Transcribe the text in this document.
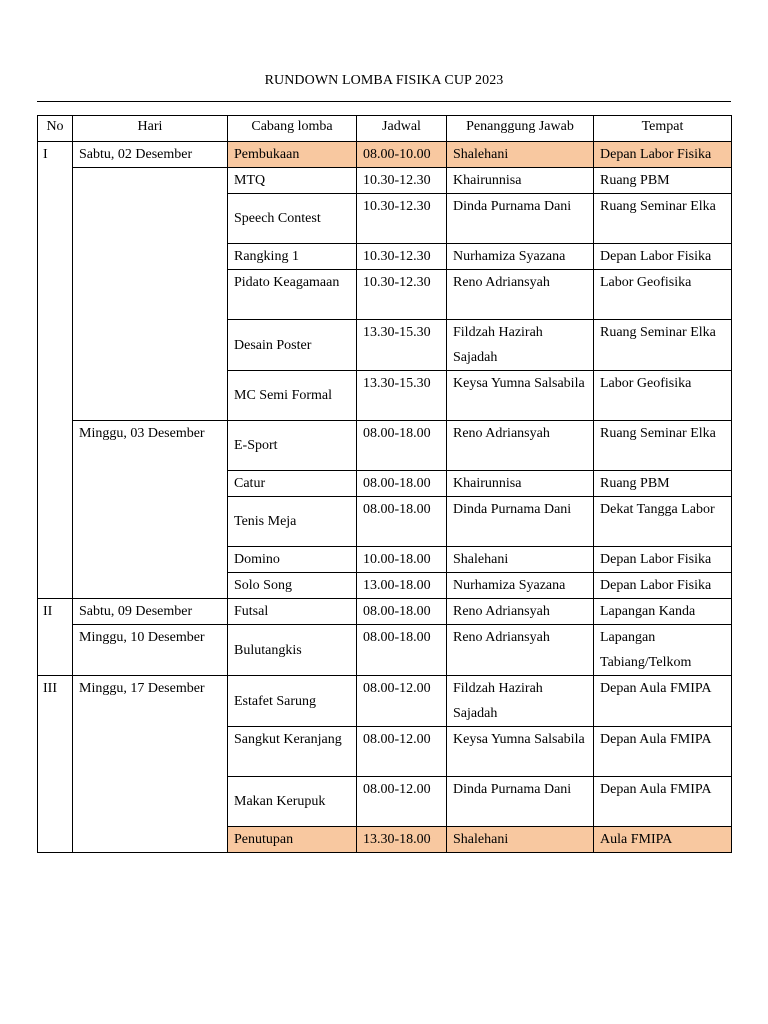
RUNDOWN LOMBA FISIKA CUP 2023
No	Hari	Cabang lomba	Jadwal	Penanggung Jawab	Tempat
I	Sabtu, 02 Desember	Pembukaan	08.00-10.00	Shalehani	Depan Labor Fisika
		MTQ	10.30-12.30	Khairunnisa	Ruang PBM
		Speech Contest	10.30-12.30	Dinda Purnama Dani	Ruang Seminar Elka
		Rangking 1	10.30-12.30	Nurhamiza Syazana	Depan Labor Fisika
		Pidato Keagamaan	10.30-12.30	Reno Adriansyah	Labor Geofisika
		Desain Poster	13.30-15.30	Fildzah Hazirah Sajadah	Ruang Seminar Elka
		MC Semi Formal	13.30-15.30	Keysa Yumna Salsabila	Labor Geofisika
	Minggu, 03 Desember	E-Sport	08.00-18.00	Reno Adriansyah	Ruang Seminar Elka
		Catur	08.00-18.00	Khairunnisa	Ruang PBM
		Tenis Meja	08.00-18.00	Dinda Purnama Dani	Dekat Tangga Labor
		Domino	10.00-18.00	Shalehani	Depan Labor Fisika
		Solo Song	13.00-18.00	Nurhamiza Syazana	Depan Labor Fisika
II	Sabtu, 09 Desember	Futsal	08.00-18.00	Reno Adriansyah	Lapangan Kanda
	Minggu, 10 Desember	Bulutangkis	08.00-18.00	Reno Adriansyah	Lapangan Tabiang/Telkom
III	Minggu, 17 Desember	Estafet Sarung	08.00-12.00	Fildzah Hazirah Sajadah	Depan Aula FMIPA
		Sangkut Keranjang	08.00-12.00	Keysa Yumna Salsabila	Depan Aula FMIPA
		Makan Kerupuk	08.00-12.00	Dinda Purnama Dani	Depan Aula FMIPA
		Penutupan	13.30-18.00	Shalehani	Aula FMIPA
